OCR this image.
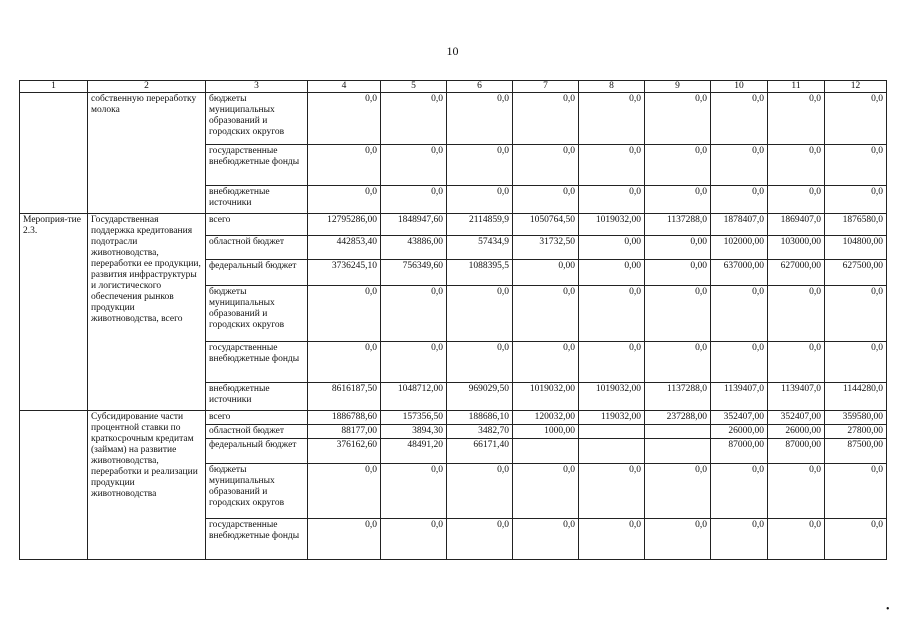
10
1	2	3	4	5	6	7	8	9	10	11	12
	собственную переработку молока	бюджеты муниципальных образований и городских округов	0,0	0,0	0,0	0,0	0,0	0,0	0,0	0,0	0,0
		государственные внебюджетные фонды	0,0	0,0	0,0	0,0	0,0	0,0	0,0	0,0	0,0
		внебюджетные источники	0,0	0,0	0,0	0,0	0,0	0,0	0,0	0,0	0,0
Мероприя-тие 2.3.	Государственная поддержка кредитования подотрасли животноводства, переработки ее продукции, развития инфраструктуры и логистического обеспечения рынков продукции животноводства, всего	всего	12795286,00	1848947,60	2114859,9	1050764,50	1019032,00	1137288,0	1878407,0	1869407,0	1876580,0
		областной бюджет	442853,40	43886,00	57434,9	31732,50	0,00	0,00	102000,00	103000,00	104800,00
		федеральный бюджет	3736245,10	756349,60	1088395,5	0,00	0,00	0,00	637000,00	627000,00	627500,00
		бюджеты муниципальных образований и городских округов	0,0	0,0	0,0	0,0	0,0	0,0	0,0	0,0	0,0
		государственные внебюджетные фонды	0,0	0,0	0,0	0,0	0,0	0,0	0,0	0,0	0,0
		внебюджетные источники	8616187,50	1048712,00	969029,50	1019032,00	1019032,00	1137288,0	1139407,0	1139407,0	1144280,0
	Субсидирование части процентной ставки по краткосрочным кредитам (займам) на развитие животноводства, переработки и реализации продукции животноводства	всего	1886788,60	157356,50	188686,10	120032,00	119032,00	237288,00	352407,00	352407,00	359580,00
		областной бюджет	88177,00	3894,30	3482,70	1000,00			26000,00	26000,00	27800,00
		федеральный бюджет	376162,60	48491,20	66171,40				87000,00	87000,00	87500,00
		бюджеты муниципальных образований и городских округов	0,0	0,0	0,0	0,0	0,0	0,0	0,0	0,0	0,0
		государственные внебюджетные фонды	0,0	0,0	0,0	0,0	0,0	0,0	0,0	0,0	0,0
•
